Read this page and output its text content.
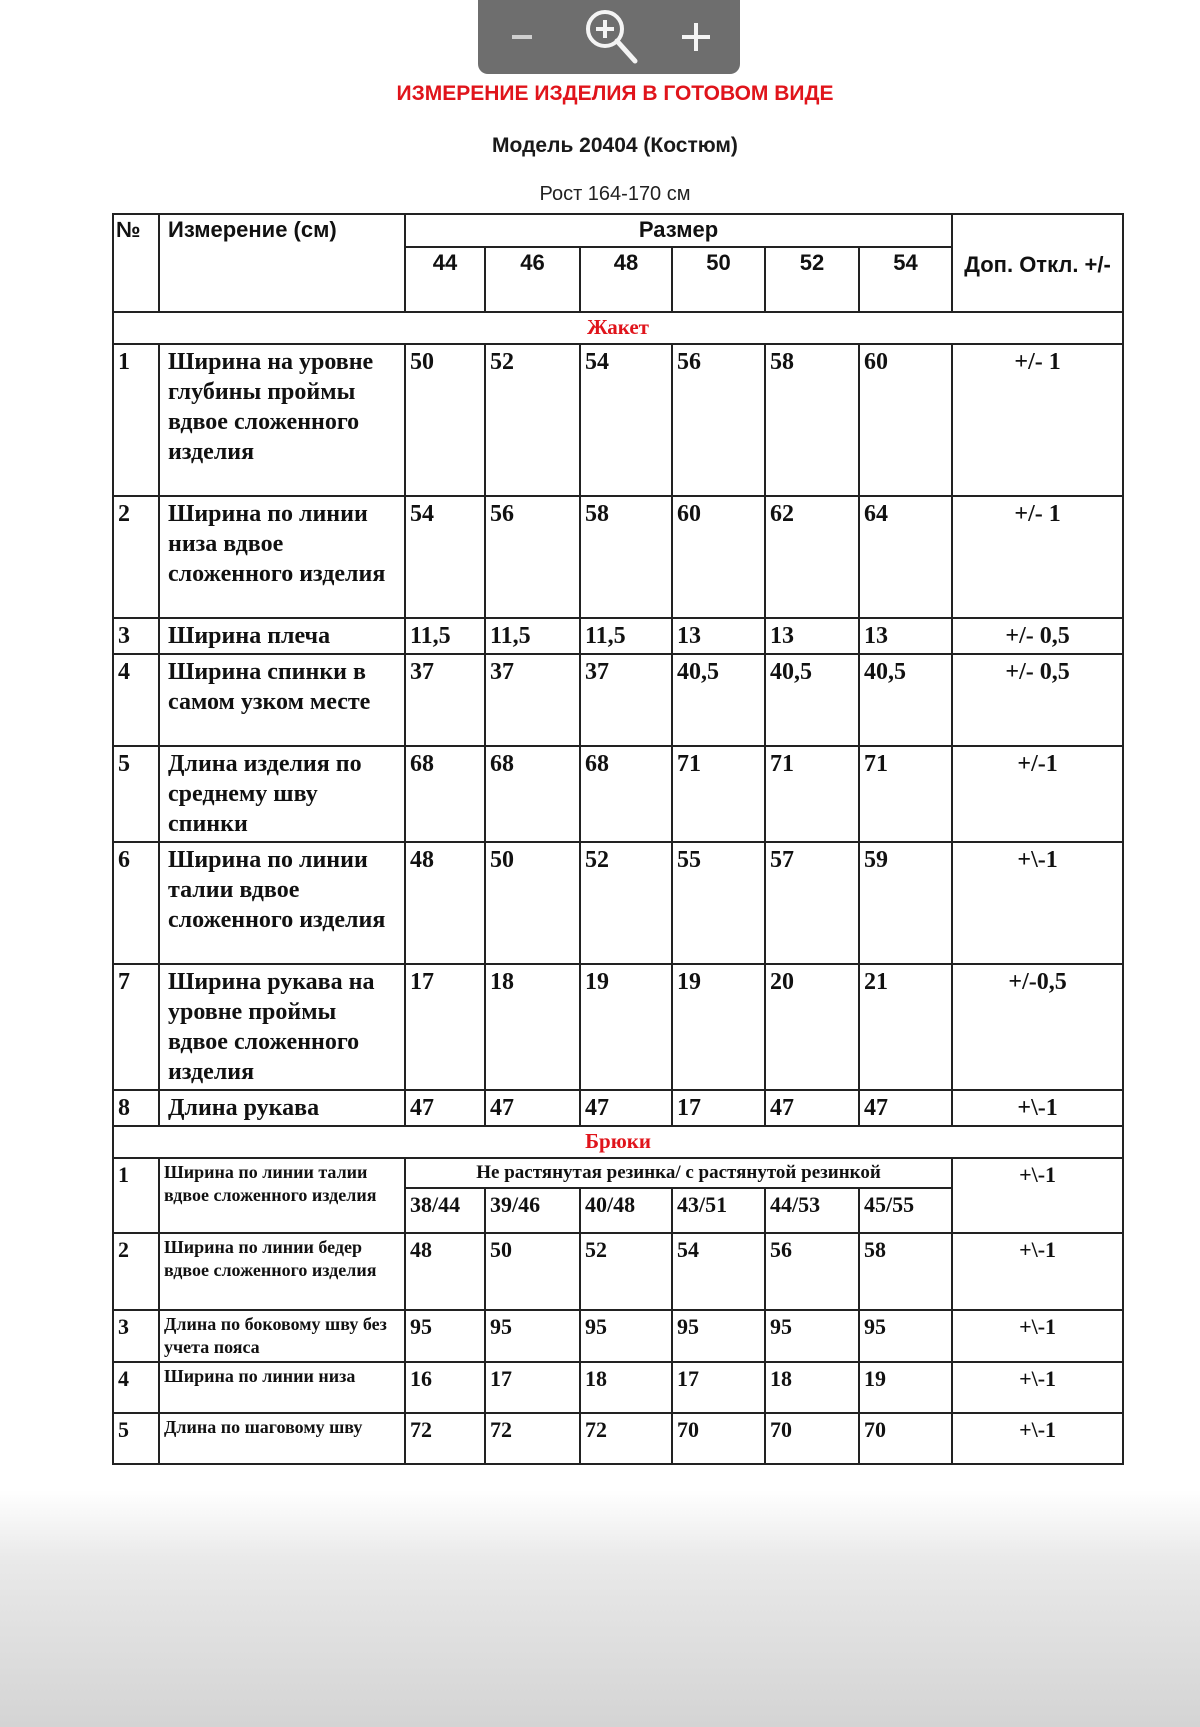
ИЗМЕРЕНИЕ ИЗДЕЛИЯ В ГОТОВОМ ВИДЕ
Модель 20404 (Костюм)
Рост 164-170 см
№	Измерение (см)	Размер						
		44	46	48	50	52	54	Доп. Откл. +/-
Жакет								
1	Ширина на уровне глубины проймы вдвое сложенного изделия	50	52	54	56	58	60	+/- 1
2	Ширина по линии низа вдвое сложенного изделия	54	56	58	60	62	64	+/- 1
3	Ширина плеча	11,5	11,5	11,5	13	13	13	+/- 0,5
4	Ширина спинки в самом узком месте	37	37	37	40,5	40,5	40,5	+/- 0,5
5	Длина изделия по среднему шву спинки	68	68	68	71	71	71	+/-1
6	Ширина по линии талии вдвое сложенного изделия	48	50	52	55	57	59	+\-1
7	Ширина рукава на уровне проймы вдвое сложенного изделия	17	18	19	19	20	21	+/-0,5
8	Длина рукава	47	47	47	17	47	47	+\-1
Брюки								
1	Ширина по линии талии вдвое сложенного изделия	Не растянутая резинка/ с растянутой резинкой						+\-1
		38/44	39/46	40/48	43/51	44/53	45/55	
2	Ширина по линии бедер вдвое сложенного изделия	48	50	52	54	56	58	+\-1
3	Длина по боковому шву без учета пояса	95	95	95	95	95	95	+\-1
4	Ширина по линии низа	16	17	18	17	18	19	+\-1
5	Длина по шаговому шву	72	72	72	70	70	70	+\-1
